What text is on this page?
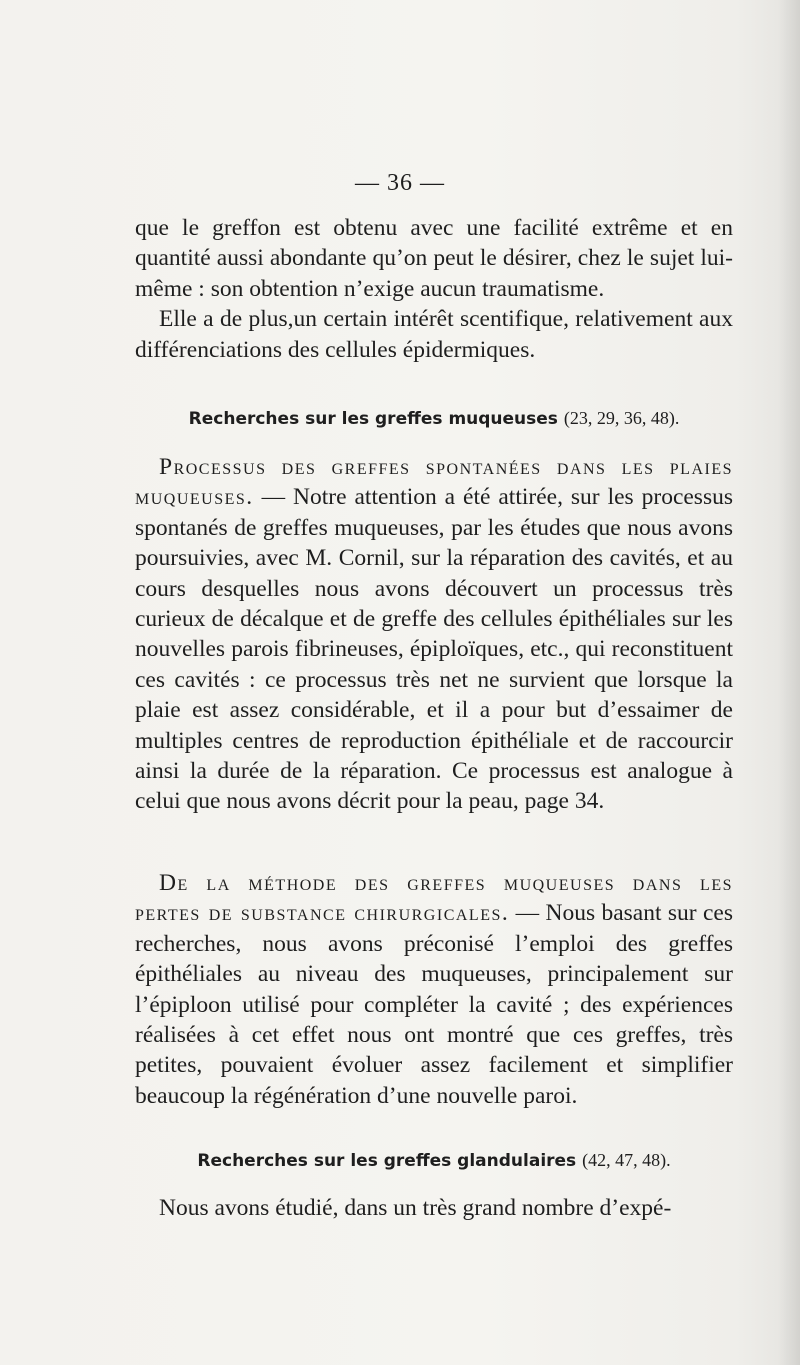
— 36 —

que le greffon est obtenu avec une facilité extrême et en quantité aussi abondante qu’on peut le désirer, chez le sujet lui-même : son obtention n’exige aucun traumatisme.

Elle a de plus,un certain intérêt scentifique, relativement aux différenciations des cellules épidermiques.

Recherches sur les greffes muqueuses (23, 29, 36, 48).

Processus des greffes spontanées dans les plaies muqueuses. — Notre attention a été attirée, sur les processus spontanés de greffes muqueuses, par les études que nous avons poursuivies, avec M. Cornil, sur la réparation des cavités, et au cours desquelles nous avons découvert un processus très curieux de décalque et de greffe des cellules épithéliales sur les nouvelles parois fibrineuses, épiploïques, etc., qui reconstituent ces cavités : ce processus très net ne survient que lorsque la plaie est assez considérable, et il a pour but d’essaimer de multiples centres de reproduction épithéliale et de raccourcir ainsi la durée de la réparation. Ce processus est analogue à celui que nous avons décrit pour la peau, page 34.

De la méthode des greffes muqueuses dans les pertes de substance chirurgicales. — Nous basant sur ces recherches, nous avons préconisé l’emploi des greffes épithéliales au niveau des muqueuses, principalement sur l’épiploon utilisé pour compléter la cavité ; des expériences réalisées à cet effet nous ont montré que ces greffes, très petites, pouvaient évoluer assez facilement et simplifier beaucoup la régénération d’une nouvelle paroi.

Recherches sur les greffes glandulaires (42, 47, 48).

Nous avons étudié, dans un très grand nombre d’expé-
